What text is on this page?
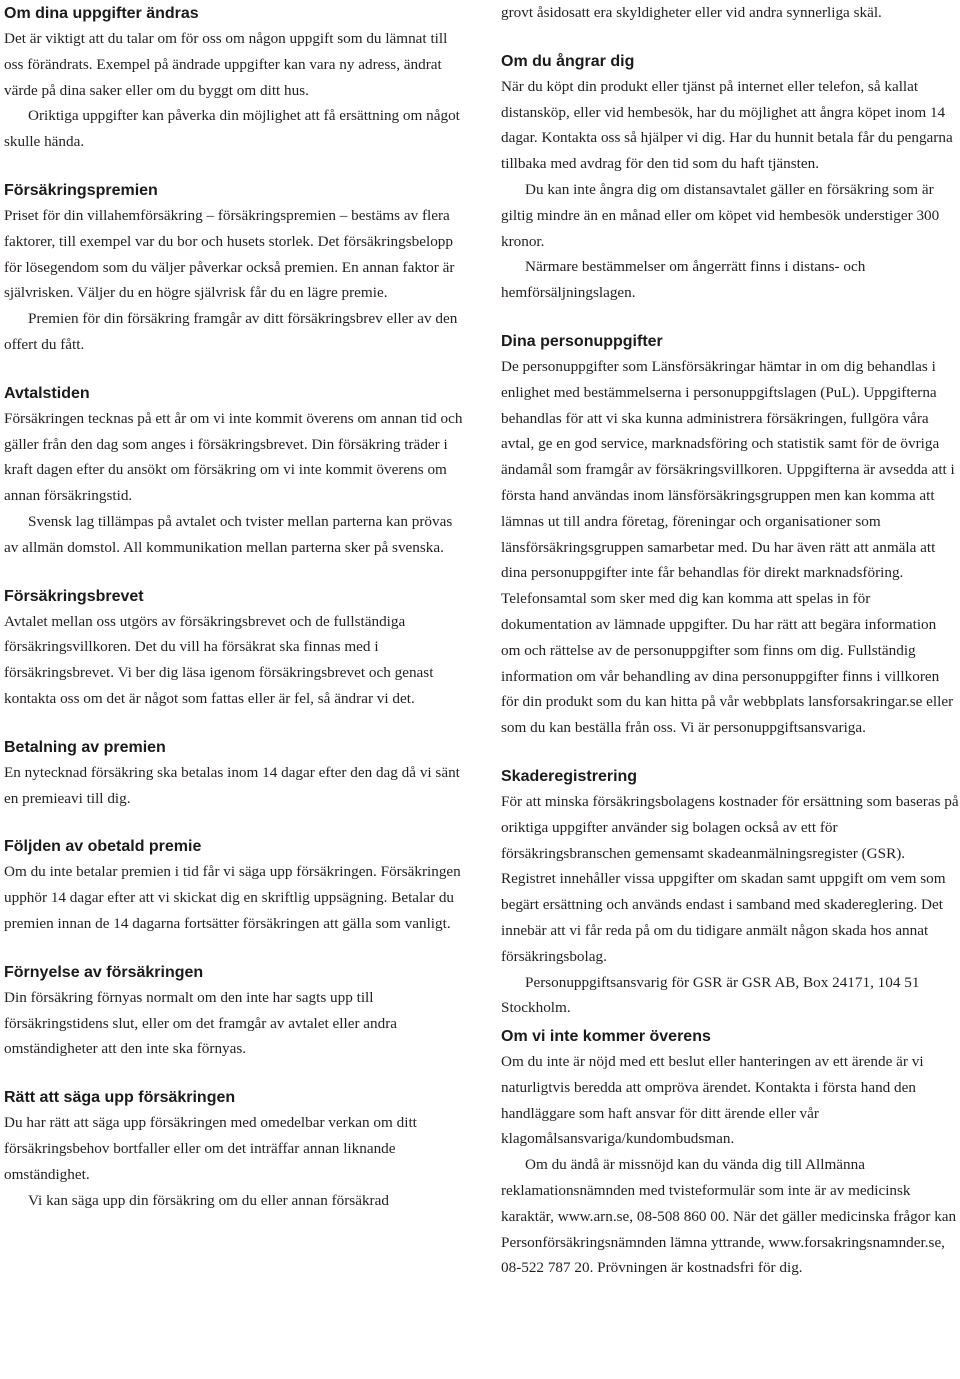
Om dina uppgifter ändras

Det är viktigt att du talar om för oss om någon uppgift som du lämnat till oss förändrats. Exempel på ändrade uppgifter kan vara ny adress, ändrat värde på dina saker eller om du byggt om ditt hus.

Oriktiga uppgifter kan påverka din möjlighet att få ersättning om något skulle hända.

Försäkringspremien

Priset för din villahemförsäkring – försäkringspremien – bestäms av flera faktorer, till exempel var du bor och husets storlek. Det försäkringsbelopp för lösegendom som du väljer påverkar också premien. En annan faktor är självrisken. Väljer du en högre självrisk får du en lägre premie.

Premien för din försäkring framgår av ditt försäkringsbrev eller av den offert du fått.

Avtalstiden

Försäkringen tecknas på ett år om vi inte kommit överens om annan tid och gäller från den dag som anges i försäkringsbrevet. Din försäkring träder i kraft dagen efter du ansökt om försäkring om vi inte kommit överens om annan försäkringstid.

Svensk lag tillämpas på avtalet och tvister mellan parterna kan prövas av allmän domstol. All kommunikation mellan parterna sker på svenska.

Försäkringsbrevet

Avtalet mellan oss utgörs av försäkringsbrevet och de fullständiga försäkringsvillkoren. Det du vill ha försäkrat ska finnas med i försäkringsbrevet. Vi ber dig läsa igenom försäkringsbrevet och genast kontakta oss om det är något som fattas eller är fel, så ändrar vi det.

Betalning av premien

En nytecknad försäkring ska betalas inom 14 dagar efter den dag då vi sänt en premieavi till dig.

Följden av obetald premie

Om du inte betalar premien i tid får vi säga upp försäkringen. Försäkringen upphör 14 dagar efter att vi skickat dig en skriftlig uppsägning. Betalar du premien innan de 14 dagarna fortsätter försäkringen att gälla som vanligt.

Förnyelse av försäkringen

Din försäkring förnyas normalt om den inte har sagts upp till försäkringstidens slut, eller om det framgår av avtalet eller andra omständigheter att den inte ska förnyas.

Rätt att säga upp försäkringen

Du har rätt att säga upp försäkringen med omedelbar verkan om ditt försäkringsbehov bortfaller eller om det inträffar annan liknande omständighet.

Vi kan säga upp din försäkring om du eller annan försäkrad

grovt åsidosatt era skyldigheter eller vid andra synnerliga skäl.

Om du ångrar dig

När du köpt din produkt eller tjänst på internet eller telefon, så kallat distansköp, eller vid hembesök, har du möjlighet att ångra köpet inom 14 dagar. Kontakta oss så hjälper vi dig. Har du hunnit betala får du pengarna tillbaka med avdrag för den tid som du haft tjänsten.

Du kan inte ångra dig om distansavtalet gäller en försäkring som är giltig mindre än en månad eller om köpet vid hembesök understiger 300 kronor.

Närmare bestämmelser om ångerrätt finns i distans- och hemförsäljningslagen.

Dina personuppgifter

De personuppgifter som Länsförsäkringar hämtar in om dig behandlas i enlighet med bestämmelserna i personuppgiftslagen (PuL). Uppgifterna behandlas för att vi ska kunna administrera försäkringen, fullgöra våra avtal, ge en god service, marknadsföring och statistik samt för de övriga ändamål som framgår av försäkringsvillkoren. Uppgifterna är avsedda att i första hand användas inom länsförsäkringsgruppen men kan komma att lämnas ut till andra företag, föreningar och organisationer som länsförsäkringsgruppen samarbetar med. Du har även rätt att anmäla att dina personuppgifter inte får behandlas för direkt marknadsföring. Telefonsamtal som sker med dig kan komma att spelas in för dokumentation av lämnade uppgifter. Du har rätt att begära information om och rättelse av de personuppgifter som finns om dig. Fullständig information om vår behandling av dina personuppgifter finns i villkoren för din produkt som du kan hitta på vår webbplats lansforsakringar.se eller som du kan beställa från oss. Vi är personuppgiftsansvariga.

Skaderegistrering

För att minska försäkringsbolagens kostnader för ersättning som baseras på oriktiga uppgifter använder sig bolagen också av ett för försäkringsbranschen gemensamt skadeanmälningsregister (GSR). Registret innehåller vissa uppgifter om skadan samt uppgift om vem som begärt ersättning och används endast i samband med skadereglering. Det innebär att vi får reda på om du tidigare anmält någon skada hos annat försäkringsbolag.

Personuppgiftsansvarig för GSR är GSR AB, Box 24171, 104 51 Stockholm.

Om vi inte kommer överens

Om du inte är nöjd med ett beslut eller hanteringen av ett ärende är vi naturligtvis beredda att ompröva ärendet. Kontakta i första hand den handläggare som haft ansvar för ditt ärende eller vår klagomålsansvariga/kundombudsman.

Om du ändå är missnöjd kan du vända dig till Allmänna reklamationsnämnden med tvisteformulär som inte är av medicinsk karaktär, www.arn.se, 08-508 860 00. När det gäller medicinska frågor kan Personförsäkringsnämnden lämna yttrande, www.forsakringsnamnder.se, 08-522 787 20. Prövningen är kostnadsfri för dig.
